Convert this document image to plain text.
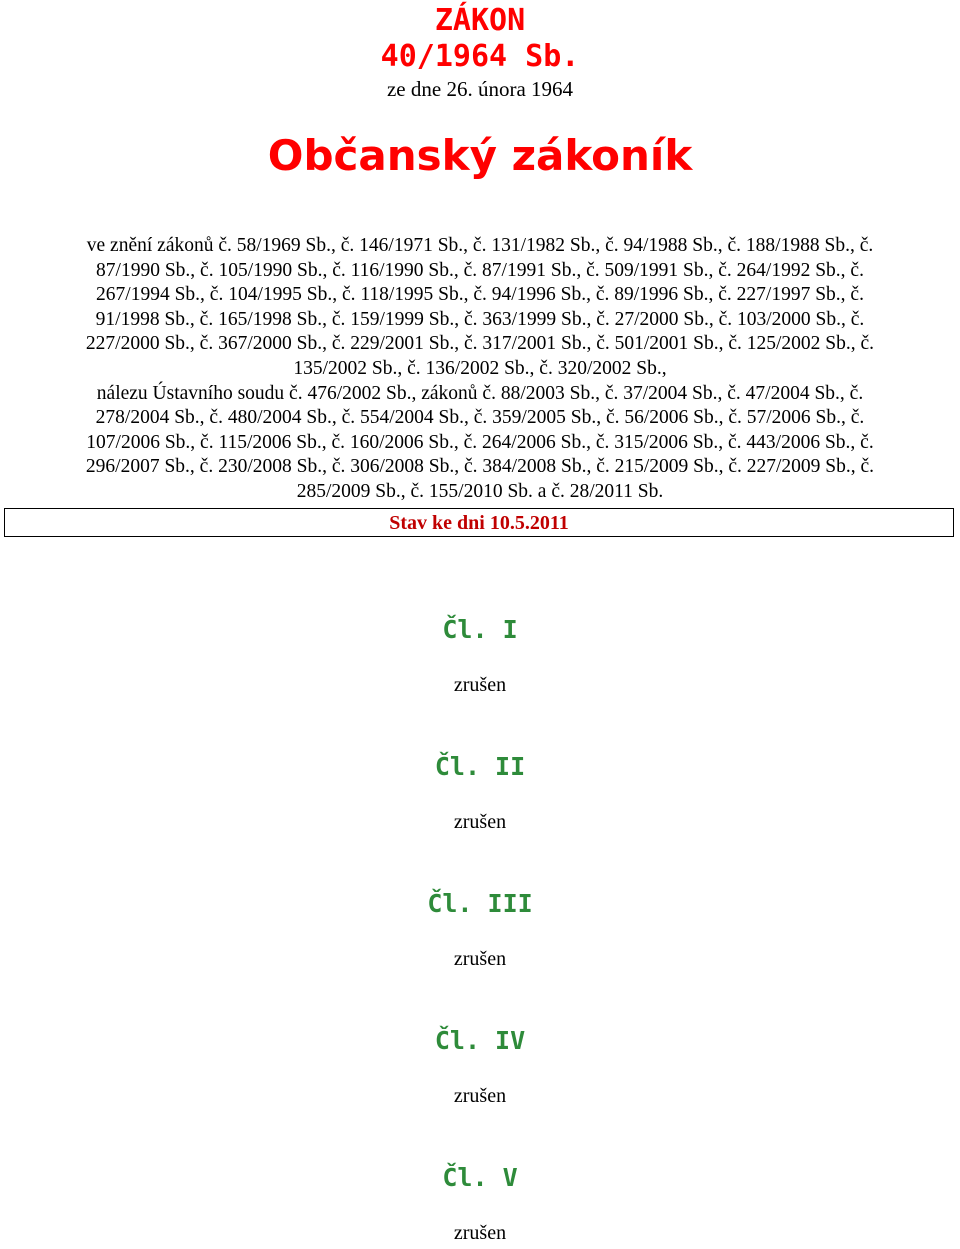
ZÁKON
40/1964 Sb.
ze dne 26. února 1964
Občanský zákoník
ve znění zákonů č. 58/1969 Sb., č. 146/1971 Sb., č. 131/1982 Sb., č. 94/1988 Sb., č. 188/1988 Sb., č.
87/1990 Sb., č. 105/1990 Sb., č. 116/1990 Sb., č. 87/1991 Sb., č. 509/1991 Sb., č. 264/1992 Sb., č.
267/1994 Sb., č. 104/1995 Sb., č. 118/1995 Sb., č. 94/1996 Sb., č. 89/1996 Sb., č. 227/1997 Sb., č.
91/1998 Sb., č. 165/1998 Sb., č. 159/1999 Sb., č. 363/1999 Sb., č. 27/2000 Sb., č. 103/2000 Sb., č.
227/2000 Sb., č. 367/2000 Sb., č. 229/2001 Sb., č. 317/2001 Sb., č. 501/2001 Sb., č. 125/2002 Sb., č.
135/2002 Sb., č. 136/2002 Sb., č. 320/2002 Sb.,
nálezu Ústavního soudu č. 476/2002 Sb., zákonů č. 88/2003 Sb., č. 37/2004 Sb., č. 47/2004 Sb., č.
278/2004 Sb., č. 480/2004 Sb., č. 554/2004 Sb., č. 359/2005 Sb., č. 56/2006 Sb., č. 57/2006 Sb., č.
107/2006 Sb., č. 115/2006 Sb., č. 160/2006 Sb., č. 264/2006 Sb., č. 315/2006 Sb., č. 443/2006 Sb., č.
296/2007 Sb., č. 230/2008 Sb., č. 306/2008 Sb., č. 384/2008 Sb., č. 215/2009 Sb., č. 227/2009 Sb., č.
285/2009 Sb., č. 155/2010 Sb. a č. 28/2011 Sb.
Stav ke dni 10.5.2011
Čl. I
zrušen
Čl. II
zrušen
Čl. III
zrušen
Čl. IV
zrušen
Čl. V
zrušen
